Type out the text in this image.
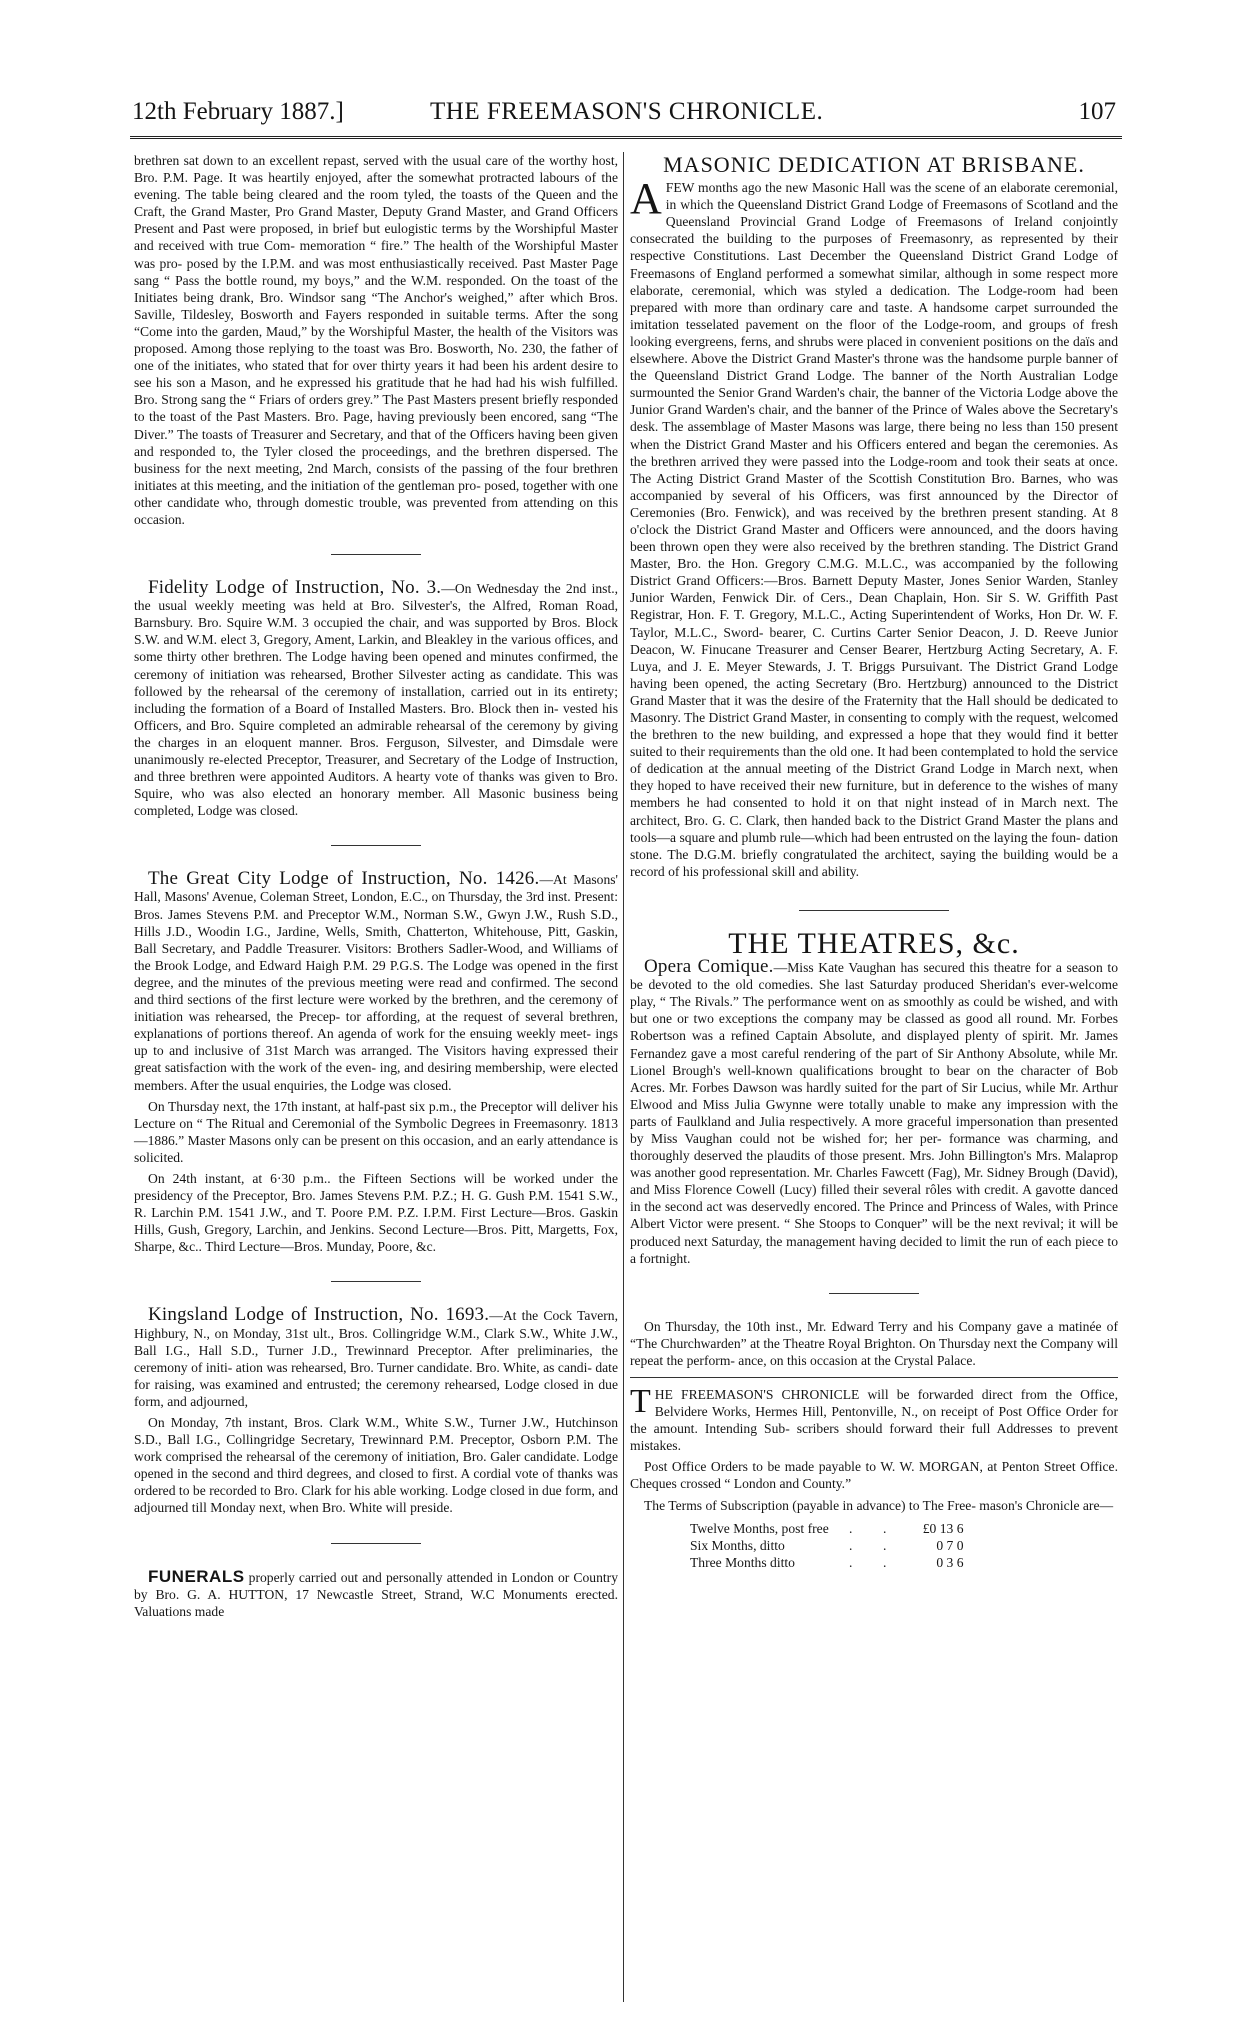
12th February 1887.]	THE FREEMASON'S CHRONICLE.	107

brethren sat down to an excellent repast, served with the usual care of the worthy host, Bro. P.M. Page. It was heartily enjoyed, after the somewhat protracted labours of the evening. The table being cleared and the room tyled, the toasts of the Queen and the Craft, the Grand Master, Pro Grand Master, Deputy Grand Master, and Grand Officers Present and Past were proposed, in brief but eulogistic terms by the Worshipful Master and received with true Com- memoration “ fire.” The health of the Worshipful Master was pro- posed by the I.P.M. and was most enthusiastically received. Past Master Page sang “ Pass the bottle round, my boys,” and the W.M. responded. On the toast of the Initiates being drank, Bro. Windsor sang “The Anchor's weighed,” after which Bros. Saville, Tildesley, Bosworth and Fayers responded in suitable terms. After the song “Come into the garden, Maud,” by the Worshipful Master, the health of the Visitors was proposed. Among those replying to the toast was Bro. Bosworth, No. 230, the father of one of the initiates, who stated that for over thirty years it had been his ardent desire to see his son a Mason, and he expressed his gratitude that he had had his wish fulfilled. Bro. Strong sang the “ Friars of orders grey.” The Past Masters present briefly responded to the toast of the Past Masters. Bro. Page, having previously been encored, sang “The Diver.” The toasts of Treasurer and Secretary, and that of the Officers having been given and responded to, the Tyler closed the proceedings, and the brethren dispersed. The business for the next meeting, 2nd March, consists of the passing of the four brethren initiates at this meeting, and the initiation of the gentleman pro- posed, together with one other candidate who, through domestic trouble, was prevented from attending on this occasion.

Fidelity Lodge of Instruction, No. 3.—On Wednesday the 2nd inst., the usual weekly meeting was held at Bro. Silvester's, the Alfred, Roman Road, Barnsbury. Bro. Squire W.M. 3 occupied the chair, and was supported by Bros. Block S.W. and W.M. elect 3, Gregory, Ament, Larkin, and Bleakley in the various offices, and some thirty other brethren. The Lodge having been opened and minutes confirmed, the ceremony of initiation was rehearsed, Brother Silvester acting as candidate. This was followed by the rehearsal of the ceremony of installation, carried out in its entirety; including the formation of a Board of Installed Masters. Bro. Block then in- vested his Officers, and Bro. Squire completed an admirable rehearsal of the ceremony by giving the charges in an eloquent manner. Bros. Ferguson, Silvester, and Dimsdale were unanimously re-elected Preceptor, Treasurer, and Secretary of the Lodge of Instruction, and three brethren were appointed Auditors. A hearty vote of thanks was given to Bro. Squire, who was also elected an honorary member. All Masonic business being completed, Lodge was closed.

The Great City Lodge of Instruction, No. 1426.—At Masons' Hall, Masons' Avenue, Coleman Street, London, E.C., on Thursday, the 3rd inst. Present: Bros. James Stevens P.M. and Preceptor W.M., Norman S.W., Gwyn J.W., Rush S.D., Hills J.D., Woodin I.G., Jardine, Wells, Smith, Chatterton, Whitehouse, Pitt, Gaskin, Ball Secretary, and Paddle Treasurer. Visitors: Brothers Sadler-Wood, and Williams of the Brook Lodge, and Edward Haigh P.M. 29 P.G.S. The Lodge was opened in the first degree, and the minutes of the previous meeting were read and confirmed. The second and third sections of the first lecture were worked by the brethren, and the ceremony of initiation was rehearsed, the Precep- tor affording, at the request of several brethren, explanations of portions thereof. An agenda of work for the ensuing weekly meet- ings up to and inclusive of 31st March was arranged. The Visitors having expressed their great satisfaction with the work of the even- ing, and desiring membership, were elected members. After the usual enquiries, the Lodge was closed.

On Thursday next, the 17th instant, at half-past six p.m., the Preceptor will deliver his Lecture on “ The Ritual and Ceremonial of the Symbolic Degrees in Freemasonry. 1813—1886.” Master Masons only can be present on this occasion, and an early attendance is solicited.

On 24th instant, at 6·30 p.m.. the Fifteen Sections will be worked under the presidency of the Preceptor, Bro. James Stevens P.M. P.Z.; H. G. Gush P.M. 1541 S.W., R. Larchin P.M. 1541 J.W., and T. Poore P.M. P.Z. I.P.M. First Lecture—Bros. Gaskin Hills, Gush, Gregory, Larchin, and Jenkins. Second Lecture—Bros. Pitt, Margetts, Fox, Sharpe, &c.. Third Lecture—Bros. Munday, Poore, &c.

Kingsland Lodge of Instruction, No. 1693.—At the Cock Tavern, Highbury, N., on Monday, 31st ult., Bros. Collingridge W.M., Clark S.W., White J.W., Ball I.G., Hall S.D., Turner J.D., Trewinnard Preceptor. After preliminaries, the ceremony of initi- ation was rehearsed, Bro. Turner candidate. Bro. White, as candi- date for raising, was examined and entrusted; the ceremony rehearsed, Lodge closed in due form, and adjourned,

On Monday, 7th instant, Bros. Clark W.M., White S.W., Turner J.W., Hutchinson S.D., Ball I.G., Collingridge Secretary, Trewinnard P.M. Preceptor, Osborn P.M. The work comprised the rehearsal of the ceremony of initiation, Bro. Galer candidate. Lodge opened in the second and third degrees, and closed to first. A cordial vote of thanks was ordered to be recorded to Bro. Clark for his able working. Lodge closed in due form, and adjourned till Monday next, when Bro. White will preside.

FUNERALS properly carried out and personally attended in London or Country by Bro. G. A. HUTTON, 17 Newcastle Street, Strand, W.C Monuments erected. Valuations made

MASONIC DEDICATION AT BRISBANE.

A FEW months ago the new Masonic Hall was the scene of an elaborate ceremonial, in which the Queensland District Grand Lodge of Freemasons of Scotland and the Queensland Provincial Grand Lodge of Freemasons of Ireland conjointly consecrated the building to the purposes of Freemasonry, as represented by their respective Constitutions. Last December the Queensland District Grand Lodge of Freemasons of England performed a somewhat similar, although in some respect more elaborate, ceremonial, which was styled a dedication. The Lodge-room had been prepared with more than ordinary care and taste. A handsome carpet surrounded the imitation tesselated pavement on the floor of the Lodge-room, and groups of fresh looking evergreens, ferns, and shrubs were placed in convenient positions on the daïs and elsewhere. Above the District Grand Master's throne was the handsome purple banner of the Queensland District Grand Lodge. The banner of the North Australian Lodge surmounted the Senior Grand Warden's chair, the banner of the Victoria Lodge above the Junior Grand Warden's chair, and the banner of the Prince of Wales above the Secretary's desk. The assemblage of Master Masons was large, there being no less than 150 present when the District Grand Master and his Officers entered and began the ceremonies. As the brethren arrived they were passed into the Lodge-room and took their seats at once. The Acting District Grand Master of the Scottish Constitution Bro. Barnes, who was accompanied by several of his Officers, was first announced by the Director of Ceremonies (Bro. Fenwick), and was received by the brethren present standing. At 8 o'clock the District Grand Master and Officers were announced, and the doors having been thrown open they were also received by the brethren standing. The District Grand Master, Bro. the Hon. Gregory C.M.G. M.L.C., was accompanied by the following District Grand Officers:—Bros. Barnett Deputy Master, Jones Senior Warden, Stanley Junior Warden, Fenwick Dir. of Cers., Dean Chaplain, Hon. Sir S. W. Griffith Past Registrar, Hon. F. T. Gregory, M.L.C., Acting Superintendent of Works, Hon Dr. W. F. Taylor, M.L.C., Sword- bearer, C. Curtins Carter Senior Deacon, J. D. Reeve Junior Deacon, W. Finucane Treasurer and Censer Bearer, Hertzburg Acting Secretary, A. F. Luya, and J. E. Meyer Stewards, J. T. Briggs Pursuivant. The District Grand Lodge having been opened, the acting Secretary (Bro. Hertzburg) announced to the District Grand Master that it was the desire of the Fraternity that the Hall should be dedicated to Masonry. The District Grand Master, in consenting to comply with the request, welcomed the brethren to the new building, and expressed a hope that they would find it better suited to their requirements than the old one. It had been contemplated to hold the service of dedication at the annual meeting of the District Grand Lodge in March next, when they hoped to have received their new furniture, but in deference to the wishes of many members he had consented to hold it on that night instead of in March next. The architect, Bro. G. C. Clark, then handed back to the District Grand Master the plans and tools—a square and plumb rule—which had been entrusted on the laying the foun- dation stone. The D.G.M. briefly congratulated the architect, saying the building would be a record of his professional skill and ability.

THE THEATRES, &c.

Opera Comique.—Miss Kate Vaughan has secured this theatre for a season to be devoted to the old comedies. She last Saturday produced Sheridan's ever-welcome play, “ The Rivals.” The performance went on as smoothly as could be wished, and with but one or two exceptions the company may be classed as good all round. Mr. Forbes Robertson was a refined Captain Absolute, and displayed plenty of spirit. Mr. James Fernandez gave a most careful rendering of the part of Sir Anthony Absolute, while Mr. Lionel Brough's well-known qualifications brought to bear on the character of Bob Acres. Mr. Forbes Dawson was hardly suited for the part of Sir Lucius, while Mr. Arthur Elwood and Miss Julia Gwynne were totally unable to make any impression with the parts of Faulkland and Julia respectively. A more graceful impersonation than presented by Miss Vaughan could not be wished for; her per- formance was charming, and thoroughly deserved the plaudits of those present. Mrs. John Billington's Mrs. Malaprop was another good representation. Mr. Charles Fawcett (Fag), Mr. Sidney Brough (David), and Miss Florence Cowell (Lucy) filled their several rôles with credit. A gavotte danced in the second act was deservedly encored. The Prince and Princess of Wales, with Prince Albert Victor were present. “ She Stoops to Conquer” will be the next revival; it will be produced next Saturday, the management having decided to limit the run of each piece to a fortnight.

On Thursday, the 10th inst., Mr. Edward Terry and his Company gave a matinée of “The Churchwarden” at the Theatre Royal Brighton. On Thursday next the Company will repeat the perform- ance, on this occasion at the Crystal Palace.

THE FREEMASON'S CHRONICLE will be forwarded direct from the Office, Belvidere Works, Hermes Hill, Pentonville, N., on receipt of Post Office Order for the amount. Intending Sub- scribers should forward their full Addresses to prevent mistakes.

Post Office Orders to be made payable to W. W. MORGAN, at Penton Street Office. Cheques crossed “ London and County.”

The Terms of Subscription (payable in advance) to The Free- mason's Chronicle are—

Twelve Months, post free	.	.	£0 13 6
Six Months, ditto	.	.	0 7 0
Three Months ditto	.	.	0 3 6
